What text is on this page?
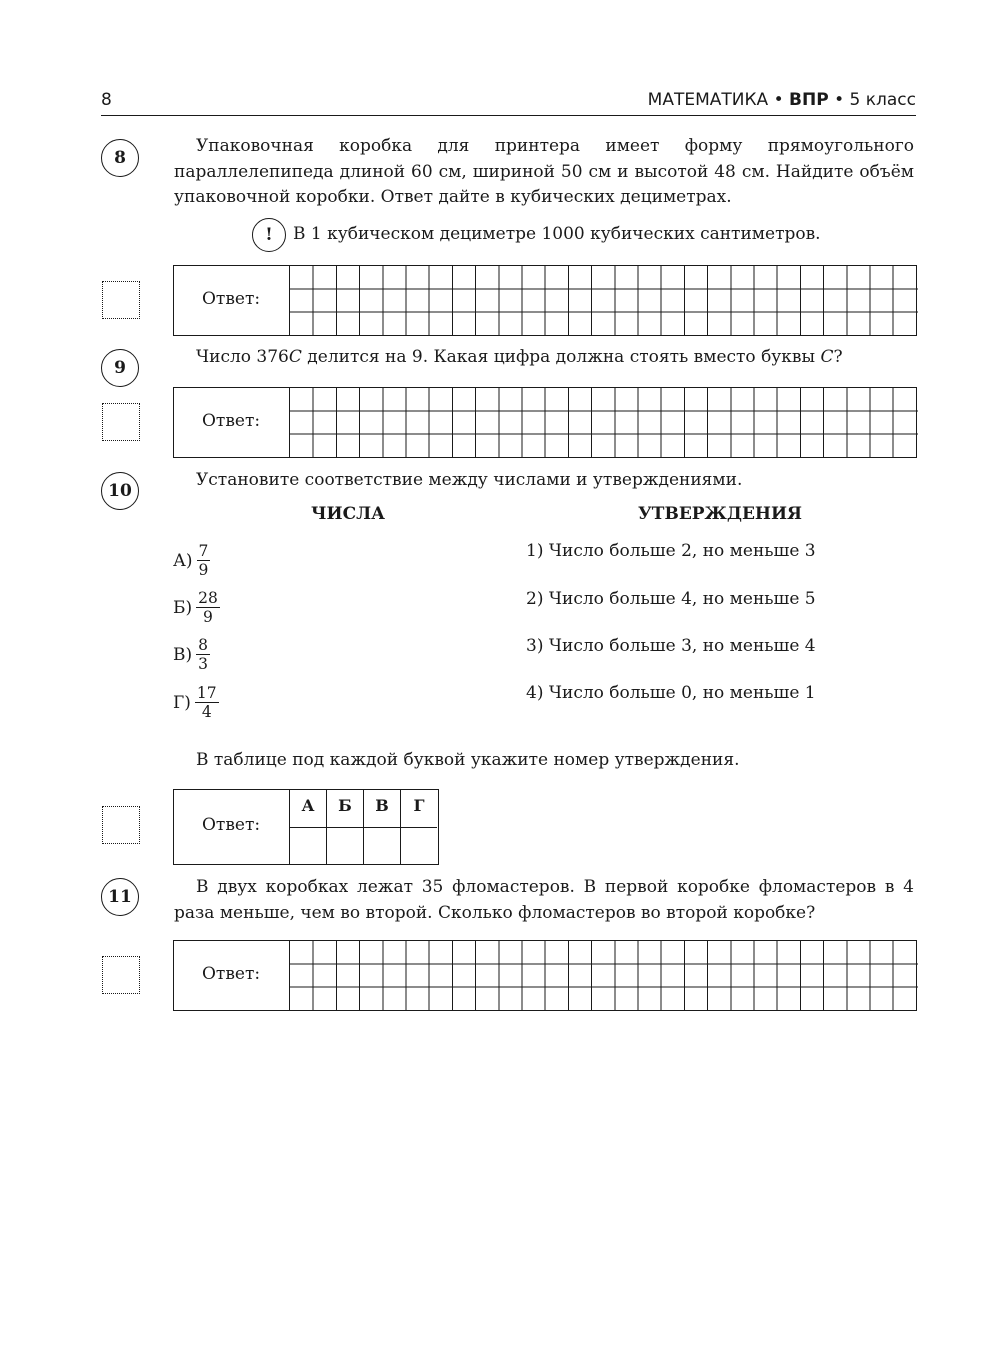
8	МАТЕМАТИКА • ВПР • 5 класс
8
Упаковочная коробка для принтера имеет форму прямоугольного параллелепипеда длиной 60 см, шириной 50 см и высотой 48 см. Найдите объём упаковочной коробки. Ответ дайте в кубических дециметрах.
!	В 1 кубическом дециметре 1000 кубических сантиметров.
Ответ:
9
Число 376C делится на 9. Какая цифра должна стоять вместо буквы C?
Ответ:
10
Установите соответствие между числами и утверждениями.
ЧИСЛА	УТВЕРЖДЕНИЯ
$А) \frac{7}{9}$
$Б) \frac{28}{9}$
$В) \frac{8}{3}$
$Г) \frac{17}{4}$
1) Число больше 2, но меньше 3
2) Число больше 4, но меньше 5
3) Число больше 3, но меньше 4
4) Число больше 0, но меньше 1
В таблице под каждой буквой укажите номер утверждения.
Ответ:
А	Б	В	Г
11	В двух коробках лежат 35 фломастеров. В первой коробке фломастеров в 4 раза меньше, чем во второй. Сколько фломастеров во второй коробке?
Ответ:
